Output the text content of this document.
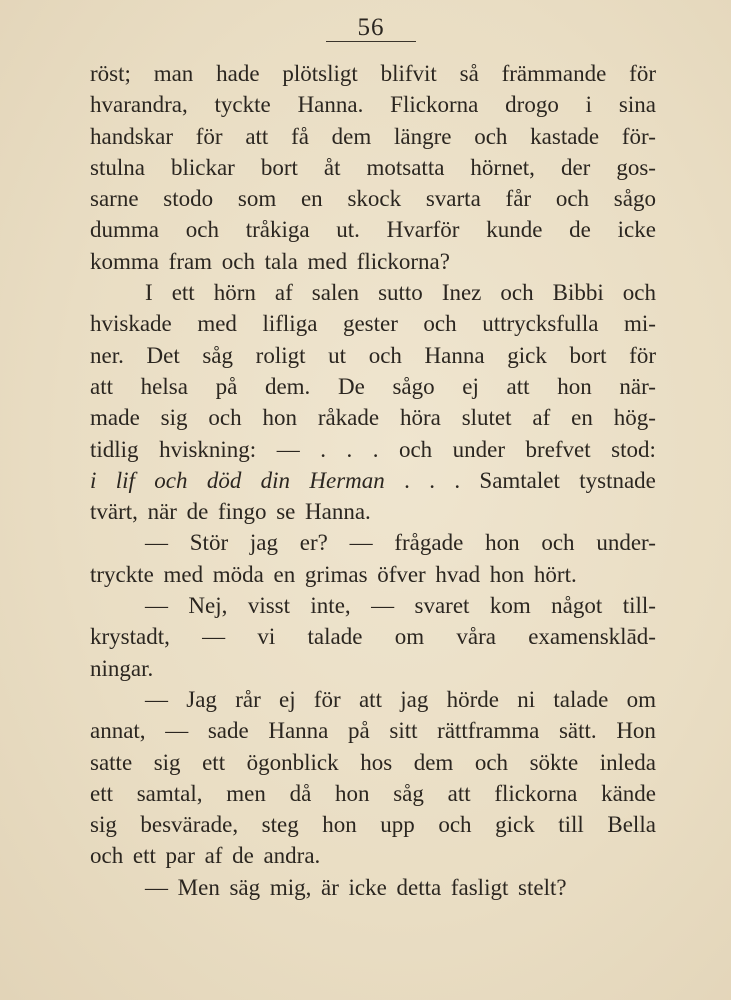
56
röst; man hade plötsligt blifvit så främmande för
hvarandra, tyckte Hanna. Flickorna drogo i sina
handskar för att få dem längre och kastade för-
stulna blickar bort åt motsatta hörnet, der gos-
sarne stodo som en skock svarta får och sågo
dumma och tråkiga ut. Hvarför kunde de icke
komma fram och tala med flickorna?
I ett hörn af salen sutto Inez och Bibbi och
hviskade med lifliga gester och uttrycksfulla mi-
ner. Det såg roligt ut och Hanna gick bort för
att helsa på dem. De sågo ej att hon när-
made sig och hon råkade höra slutet af en hög-
tidlig hviskning: — . . . och under brefvet stod:
i lif och död din Herman . . . Samtalet tystnade
tvärt, när de fingo se Hanna.
— Stör jag er? — frågade hon och under-
tryckte med möda en grimas öfver hvad hon hört.
— Nej, visst inte, — svaret kom något till-
krystadt, — vi talade om våra examensklād-
ningar.
— Jag rår ej för att jag hörde ni talade om
annat, — sade Hanna på sitt rättframma sätt. Hon
satte sig ett ögonblick hos dem och sökte inleda
ett samtal, men då hon såg att flickorna kände
sig besvärade, steg hon upp och gick till Bella
och ett par af de andra.
— Men säg mig, är icke detta fasligt stelt?
